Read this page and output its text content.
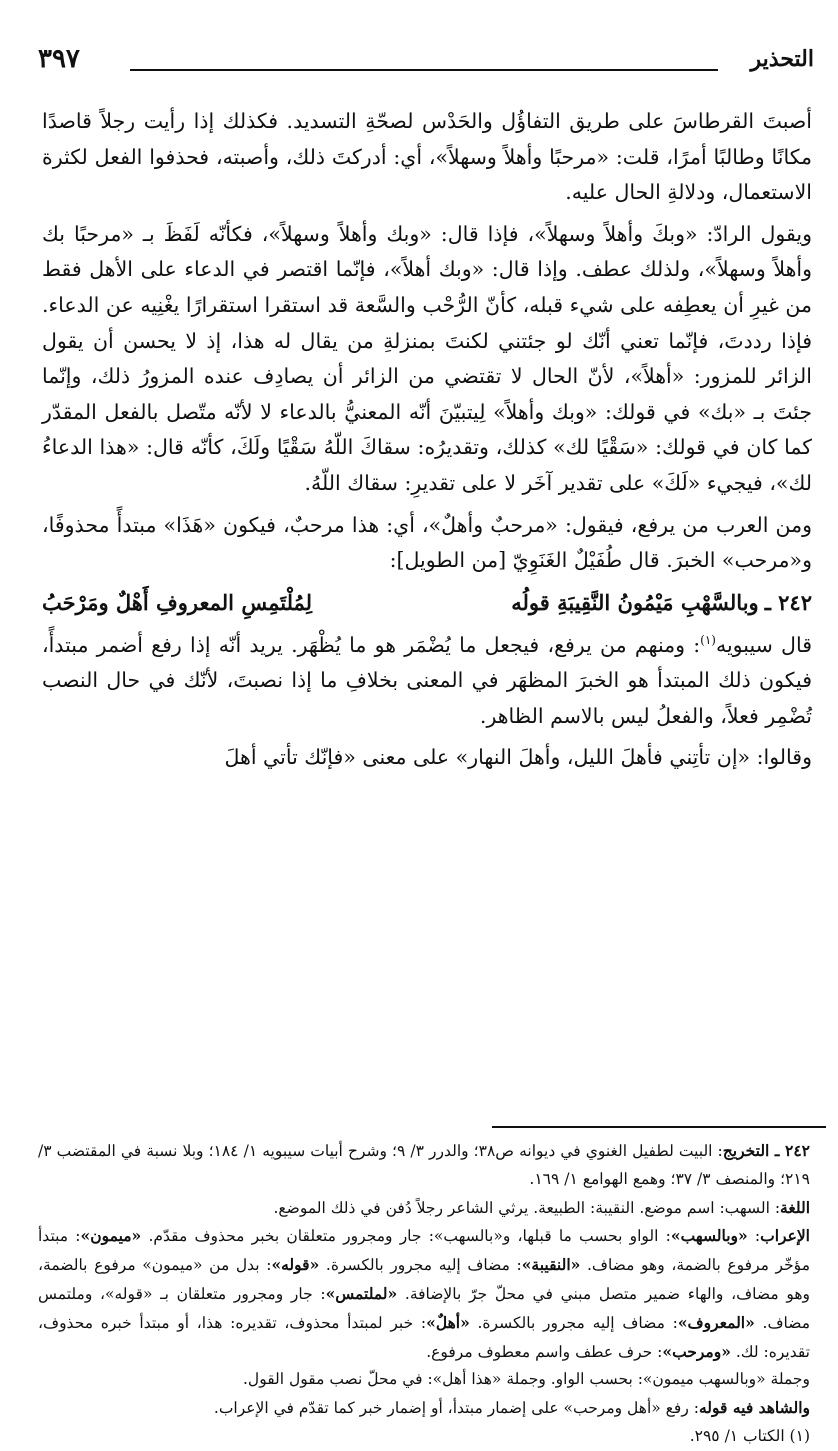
٣٩٧	التحذير

أصبتَ القرطاسَ على طريق التفاؤُل والحَدْس لصحّةِ التسديد. فكذلك إذا رأيت رجلاً قاصدًا مكانًا وطالبًا أمرًا، قلت: «مرحبًا وأهلاً وسهلاً»، أي: أدركتَ ذلك، وأصبته، فحذفوا الفعل لكثرة الاستعمال، ودلالةِ الحال عليه.

ويقول الرادّ: «وبكَ وأهلاً وسهلاً»، فإذا قال: «وبك وأهلاً وسهلاً»، فكأنّه لَفَظَ بـ «مرحبًا بك وأهلاً وسهلاً»، ولذلك عطف. وإذا قال: «وبك أهلاً»، فإنّما اقتصر في الدعاء على الأهل فقط من غيرِ أن يعطِفه على شيء قبله، كأنّ الرُّحْب والسَّعة قد استقرا استقرارًا يغْنِيه عن الدعاء. فإذا رددتَ، فإنّما تعني أنّك لو جئتني لكنتَ بمنزلةِ من يقال له هذا، إذ لا يحسن أن يقول الزائر للمزور: «أهلاً»، لأنّ الحال لا تقتضي من الزائر أن يصادِف عنده المزورُ ذلك، وإنّما جئتَ بـ «بك» في قولك: «وبك وأهلاً» لِيتبيّنَ أنّه المعنيُّ بالدعاء لا لأنّه متّصل بالفعل المقدّر كما كان في قولك: «سَقْيًا لك» كذلك، وتقديرُه: سقاكَ اللّهُ سَقْيًا ولَكَ، كأنّه قال: «هذا الدعاءُ لك»، فيجيء «لَكَ» على تقدير آخَر لا على تقديرِ: سقاك اللّهُ.

ومن العرب من يرفع، فيقول: «مرحبٌ وأهلٌ»، أي: هذا مرحبٌ، فيكون «هَذَا» مبتدأً محذوفًا، و«مرحب» الخبرَ. قال طُفَيْلٌ الغَنَوِيّ [من الطويل]:

٢٤٢ ـ
وبالسَّهْبِ مَيْمُونُ النَّقِيبَةِ قولُه
لِمُلْتَمِسِ المعروفِ أَهْلٌ ومَرْحَبُ

قال سيبويه$^{(١)}$: ومنهم من يرفع، فيجعل ما يُضْمَر هو ما يُظْهَر. يريد أنّه إذا رفع أضمر مبتدأً، فيكون ذلك المبتدأ هو الخبرَ المظهَر في المعنى بخلافِ ما إذا نصبتَ، لأنّك في حال النصب تُضْمِر فعلاً، والفعلُ ليس بالاسم الظاهر.

وقالوا: «إن تأتِني فأهلَ الليل، وأهلَ النهار» على معنى «فإنّك تأتي أهلَ

٢٤٢ ـ التخريج: البيت لطفيل الغنوي في ديوانه ص٣٨؛ والدرر ٣/ ٩؛ وشرح أبيات سيبويه ١/ ١٨٤؛ وبلا نسبة في المقتضب ٣/ ٢١٩؛ والمنصف ٣/ ٣٧؛ وهمع الهوامع ١/ ١٦٩.

اللغة: السهب: اسم موضع. النقيبة: الطبيعة. يرثي الشاعر رجلاً دُفن في ذلك الموضع.

الإعراب: «وبالسهب»: الواو بحسب ما قبلها، و«بالسهب»: جار ومجرور متعلقان بخبر محذوف مقدّم. «ميمون»: مبتدأ مؤخّر مرفوع بالضمة، وهو مضاف. «النقيبة»: مضاف إليه مجرور بالكسرة. «قوله»: بدل من «ميمون» مرفوع بالضمة، وهو مضاف، والهاء ضمير متصل مبني في محلّ جرّ بالإضافة. «لملتمس»: جار ومجرور متعلقان بـ «قوله»، وملتمس مضاف. «المعروف»: مضاف إليه مجرور بالكسرة. «أهلٌ»: خبر لمبتدأ محذوف، تقديره: هذا، أو مبتدأ خبره محذوف، تقديره: لك. «ومرحب»: حرف عطف واسم معطوف مرفوع.

وجملة «وبالسهب ميمون»: بحسب الواو. وجملة «هذا أهل»: في محلّ نصب مقول القول.

والشاهد فيه قوله: رفع «أهل ومرحب» على إضمار مبتدأ، أو إضمار خبر كما تقدّم في الإعراب.

(١) الكتاب ١/ ٢٩٥.
